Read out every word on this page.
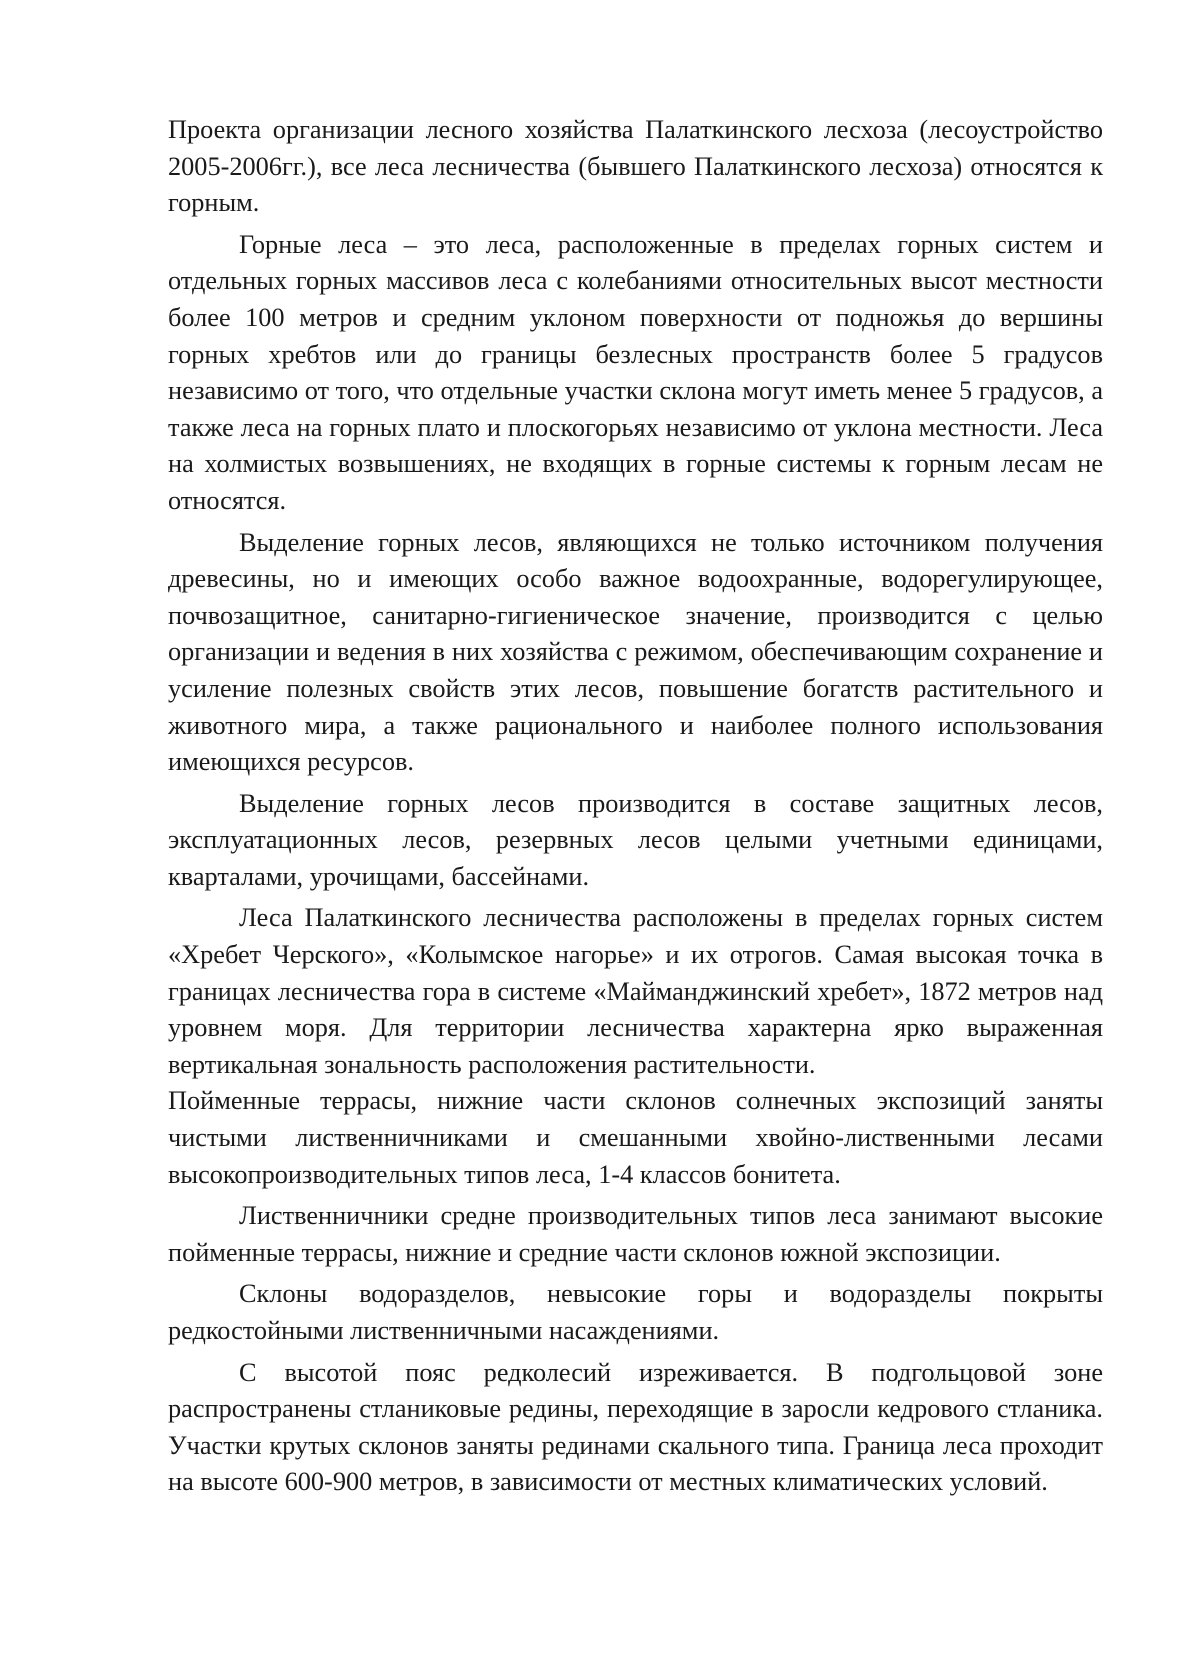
Проекта организации лесного хозяйства Палаткинского лесхоза (лесоустройство 2005-2006гг.), все леса лесничества (бывшего Палаткинского лесхоза) относятся к горным.

Горные леса – это леса, расположенные в пределах горных систем и отдельных горных массивов леса с колебаниями относительных высот местности более 100 метров и средним уклоном поверхности от подножья до вершины горных хребтов или до границы безлесных пространств более 5 градусов независимо от того, что отдельные участки склона могут иметь менее 5 градусов, а также леса на горных плато и плоскогорьях независимо от уклона местности. Леса на холмистых возвышениях, не входящих в горные системы к горным лесам не относятся.

Выделение горных лесов, являющихся не только источником получения древесины, но и имеющих особо важное водоохранные, водорегулирующее, почвозащитное, санитарно-гигиеническое значение, производится с целью организации и ведения в них хозяйства с режимом, обеспечивающим сохранение и усиление полезных свойств этих лесов, повышение богатств растительного и животного мира, а также рационального и наиболее полного использования имеющихся ресурсов.

Выделение горных лесов производится в составе защитных лесов, эксплуатационных лесов, резервных лесов целыми учетными единицами, кварталами, урочищами, бассейнами.

Леса Палаткинского лесничества расположены в пределах горных систем «Хребет Черского», «Колымское нагорье» и их отрогов. Самая высокая точка в границах лесничества гора в системе «Майманджинский хребет», 1872 метров над уровнем моря. Для территории лесничества характерна ярко выраженная вертикальная зональность расположения растительности.

Пойменные террасы, нижние части склонов солнечных экспозиций заняты чистыми лиственничниками и смешанными хвойно-лиственными лесами высокопроизводительных типов леса, 1-4 классов бонитета.

Лиственничники средне производительных типов леса занимают высокие пойменные террасы, нижние и средние части склонов южной экспозиции.

Склоны водоразделов, невысокие горы и водоразделы покрыты редкостойными лиственничными насаждениями.

С высотой пояс редколесий изреживается. В подгольцовой зоне распространены стланиковые редины, переходящие в заросли кедрового стланика. Участки крутых склонов заняты рединами скального типа. Граница леса проходит на высоте 600-900 метров, в зависимости от местных климатических условий.
